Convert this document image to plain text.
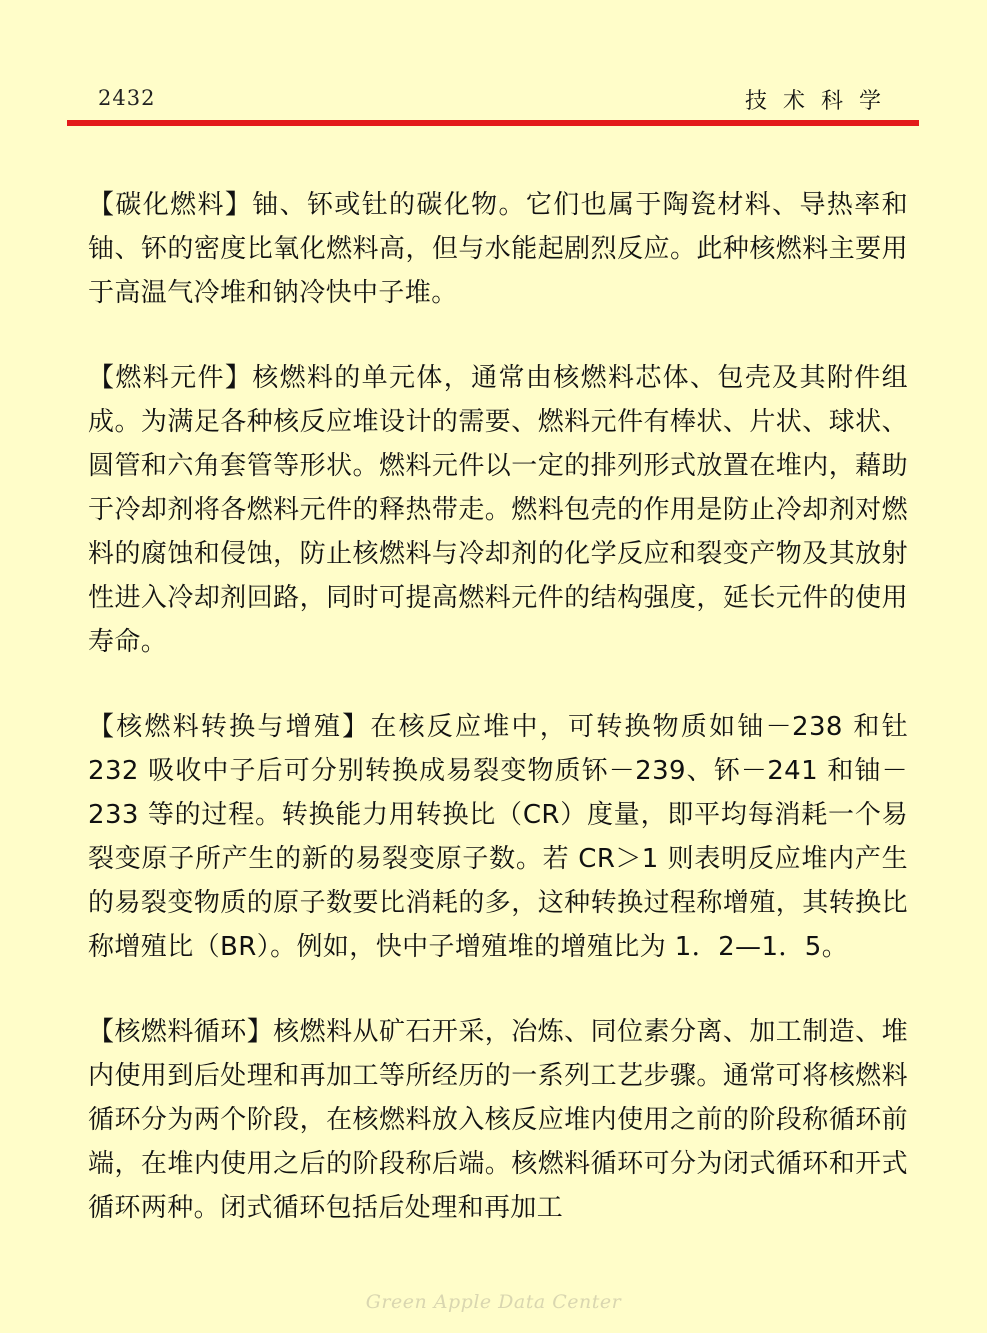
2432	技术科学

【碳化燃料】铀、钚或钍的碳化物。它们也属于陶瓷材料、导热率和铀、钚的密度比氧化燃料高，但与水能起剧烈反应。此种核燃料主要用于高温气冷堆和钠冷快中子堆。

【燃料元件】核燃料的单元体，通常由核燃料芯体、包壳及其附件组成。为满足各种核反应堆设计的需要、燃料元件有棒状、片状、球状、圆管和六角套管等形状。燃料元件以一定的排列形式放置在堆内，藉助于冷却剂将各燃料元件的释热带走。燃料包壳的作用是防止冷却剂对燃料的腐蚀和侵蚀，防止核燃料与冷却剂的化学反应和裂变产物及其放射性进入冷却剂回路，同时可提高燃料元件的结构强度，延长元件的使用寿命。

【核燃料转换与增殖】在核反应堆中，可转换物质如铀－238 和钍 232 吸收中子后可分别转换成易裂变物质钚－239、钚－241 和铀－233 等的过程。转换能力用转换比（CR）度量，即平均每消耗一个易裂变原子所产生的新的易裂变原子数。若 CR＞1 则表明反应堆内产生的易裂变物质的原子数要比消耗的多，这种转换过程称增殖，其转换比称增殖比（BR）。例如，快中子增殖堆的增殖比为 1．2—1．5。

【核燃料循环】核燃料从矿石开采，冶炼、同位素分离、加工制造、堆内使用到后处理和再加工等所经历的一系列工艺步骤。通常可将核燃料循环分为两个阶段，在核燃料放入核反应堆内使用之前的阶段称循环前端，在堆内使用之后的阶段称后端。核燃料循环可分为闭式循环和开式循环两种。闭式循环包括后处理和再加工

Green Apple Data Center
